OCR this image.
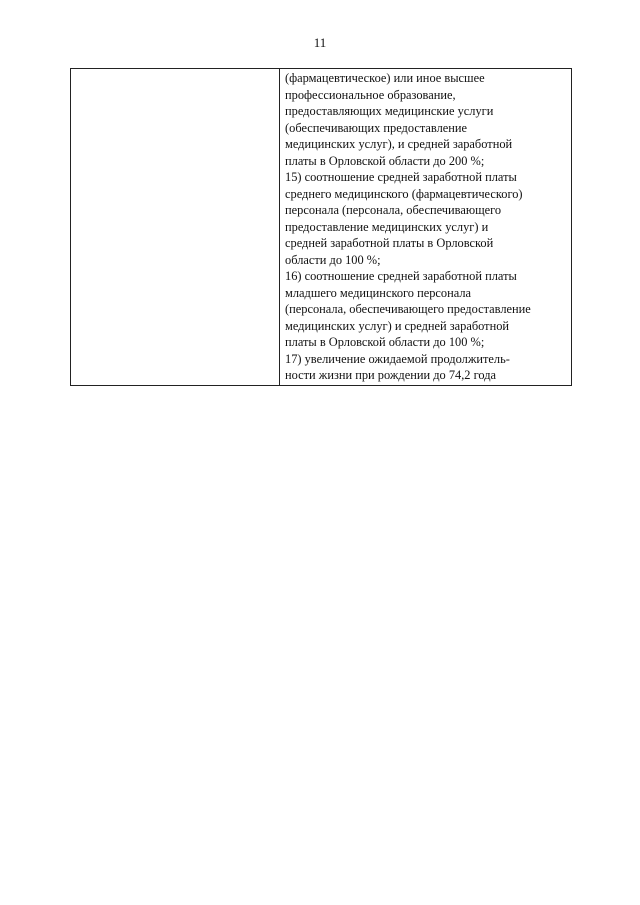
11
(фармацевтическое) или иное высшее
профессиональное образование,
предоставляющих медицинские услуги
(обеспечивающих предоставление
медицинских услуг), и средней заработной
платы в Орловской области до 200 %;
15) соотношение средней заработной платы
среднего медицинского (фармацевтического)
персонала (персонала, обеспечивающего
предоставление медицинских услуг) и
средней заработной платы в Орловской
области до 100 %;
16) соотношение средней заработной платы
младшего медицинского персонала
(персонала, обеспечивающего предоставление
медицинских услуг) и средней заработной
платы в Орловской области до 100 %;
17) увеличение ожидаемой продолжитель-
ности жизни при рождении до 74,2 года
